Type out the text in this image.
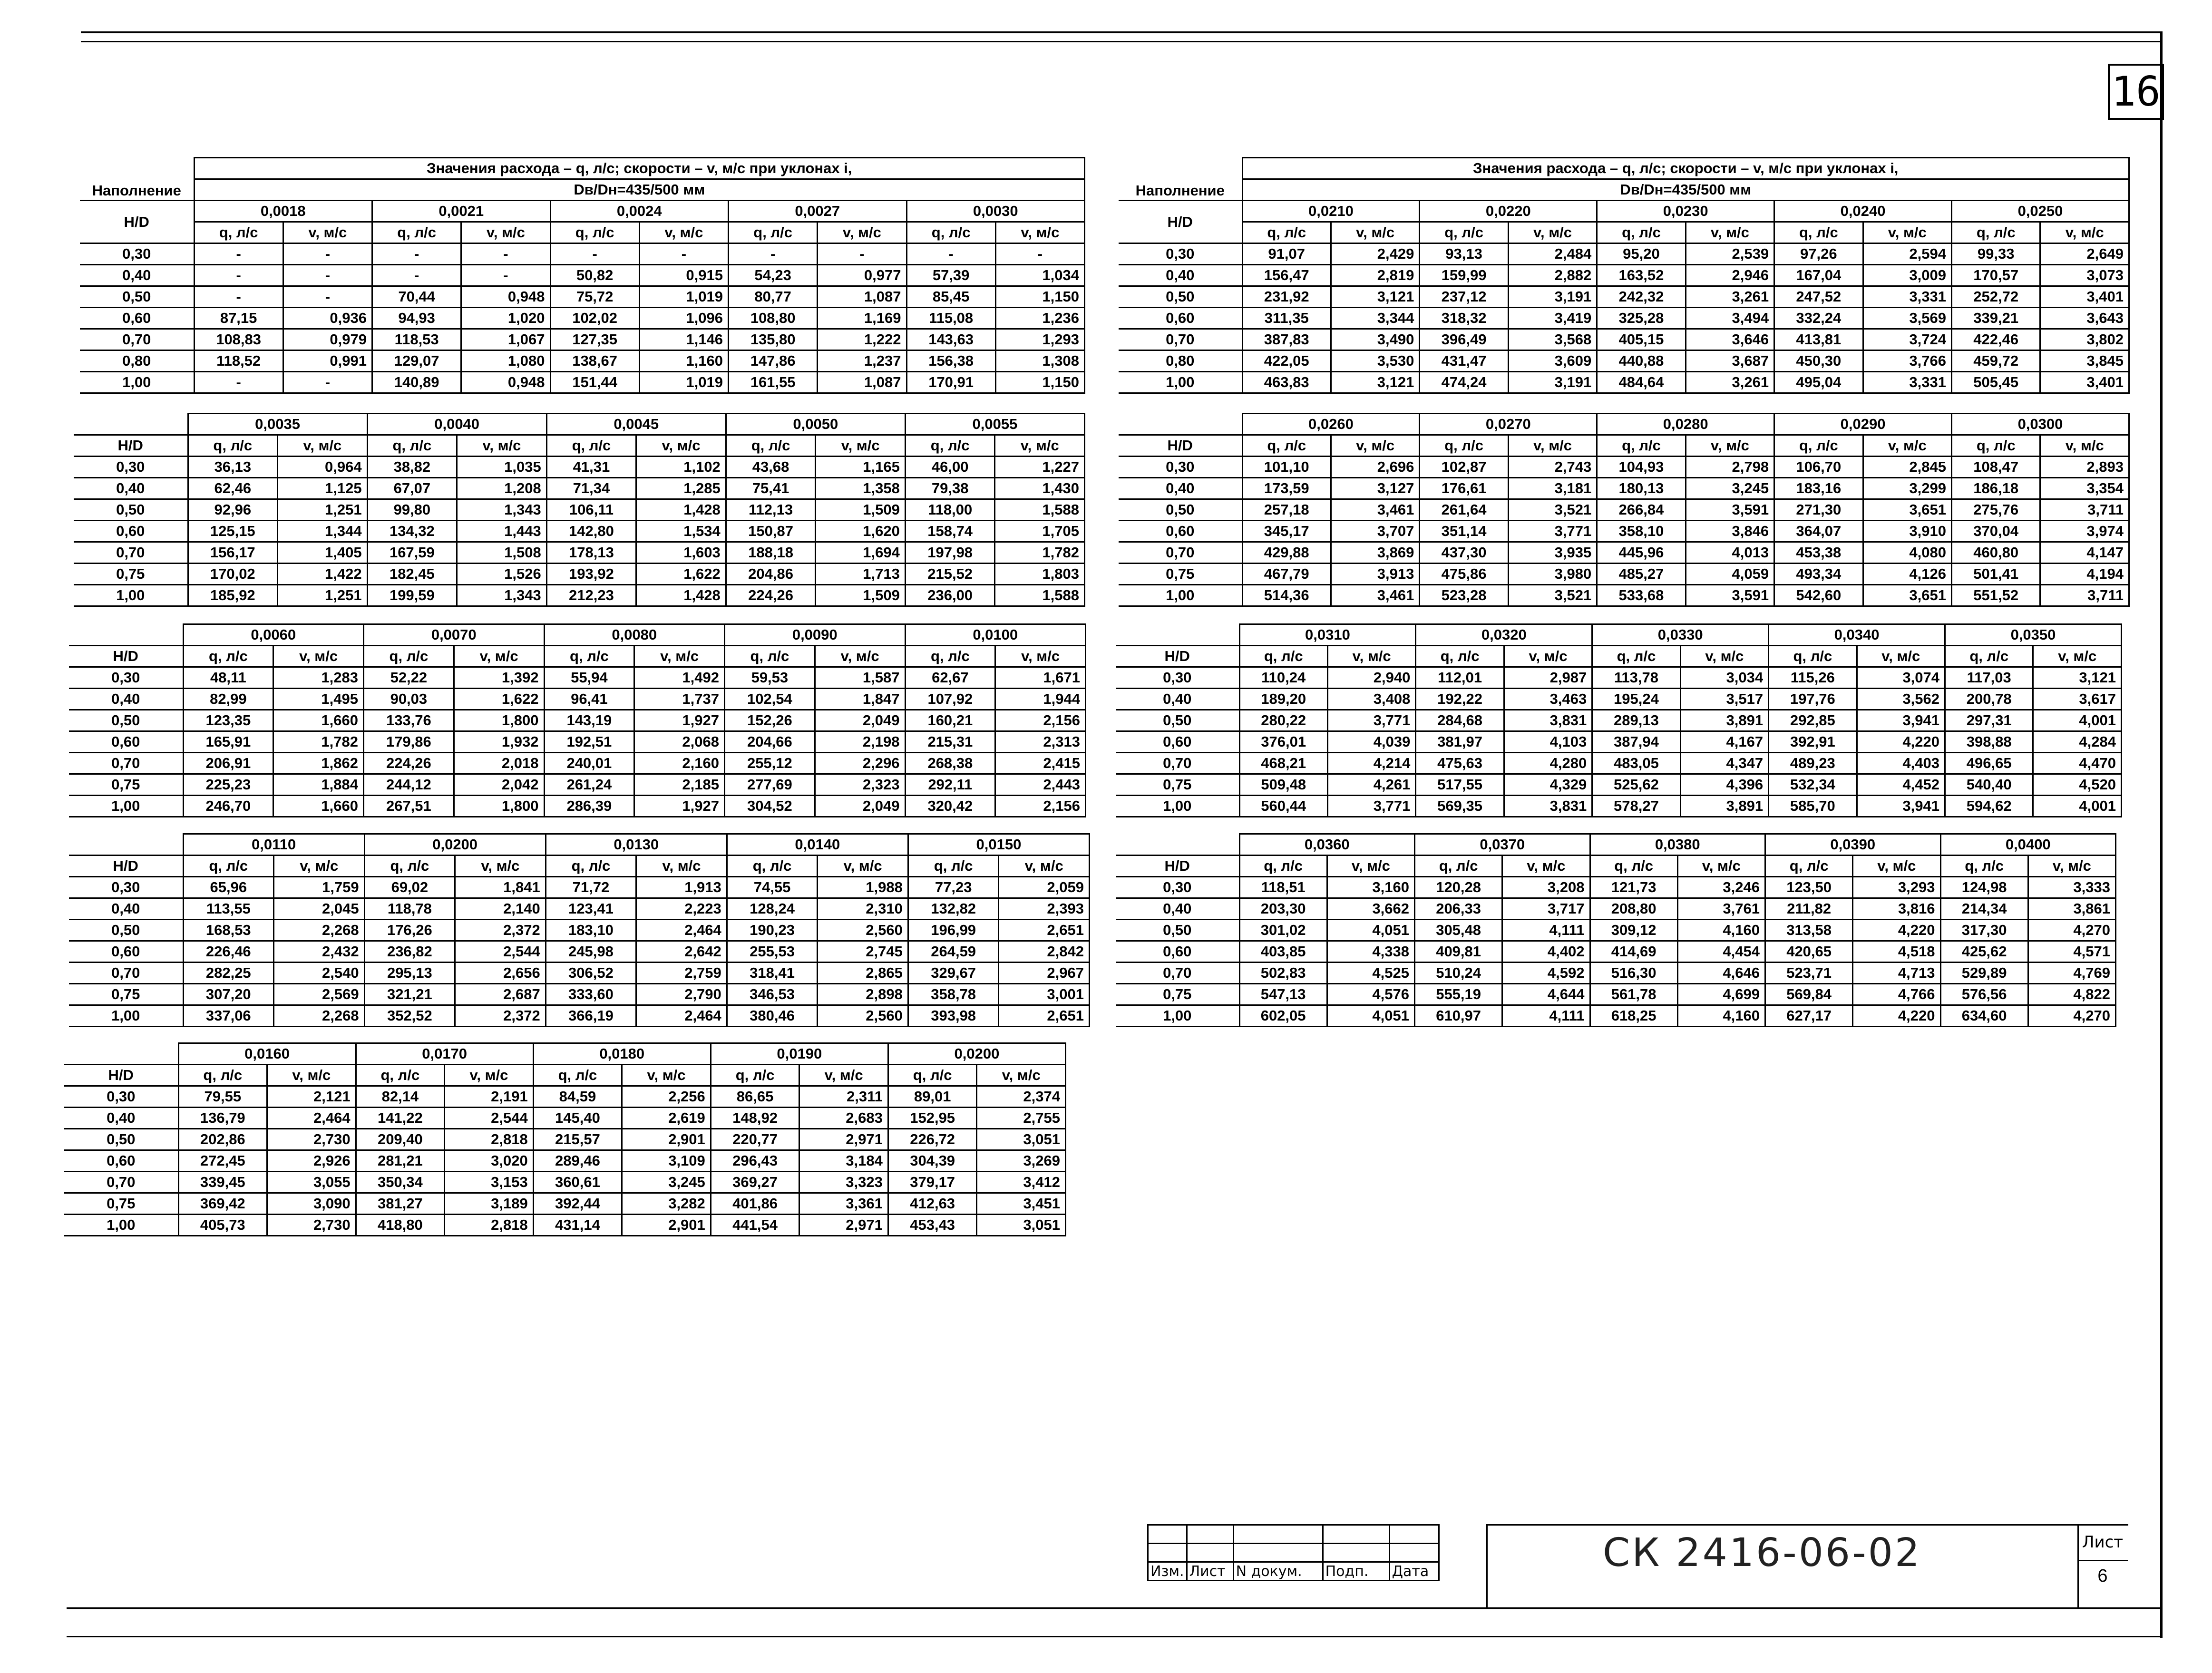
16
Наполнение	Значения расхода – q, л/с; скорости – v, м/с при уклонах i,									
	Dв/Dн=435/500 мм									
H/D	0,0018		0,0021		0,0024		0,0027		0,0030	
	q, л/с	v, м/с	q, л/с	v, м/с	q, л/с	v, м/с	q, л/с	v, м/с	q, л/с	v, м/с
0,30	-	-	-	-	-	-	-	-	-	-
0,40	-	-	-	-	50,82	0,915	54,23	0,977	57,39	1,034
0,50	-	-	70,44	0,948	75,72	1,019	80,77	1,087	85,45	1,150
0,60	87,15	0,936	94,93	1,020	102,02	1,096	108,80	1,169	115,08	1,236
0,70	108,83	0,979	118,53	1,067	127,35	1,146	135,80	1,222	143,63	1,293
0,80	118,52	0,991	129,07	1,080	138,67	1,160	147,86	1,237	156,38	1,308
1,00	-	-	140,89	0,948	151,44	1,019	161,55	1,087	170,91	1,150
	0,0035		0,0040		0,0045		0,0050		0,0055	
H/D	q, л/с	v, м/с	q, л/с	v, м/с	q, л/с	v, м/с	q, л/с	v, м/с	q, л/с	v, м/с
0,30	36,13	0,964	38,82	1,035	41,31	1,102	43,68	1,165	46,00	1,227
0,40	62,46	1,125	67,07	1,208	71,34	1,285	75,41	1,358	79,38	1,430
0,50	92,96	1,251	99,80	1,343	106,11	1,428	112,13	1,509	118,00	1,588
0,60	125,15	1,344	134,32	1,443	142,80	1,534	150,87	1,620	158,74	1,705
0,70	156,17	1,405	167,59	1,508	178,13	1,603	188,18	1,694	197,98	1,782
0,75	170,02	1,422	182,45	1,526	193,92	1,622	204,86	1,713	215,52	1,803
1,00	185,92	1,251	199,59	1,343	212,23	1,428	224,26	1,509	236,00	1,588
	0,0060		0,0070		0,0080		0,0090		0,0100	
H/D	q, л/с	v, м/с	q, л/с	v, м/с	q, л/с	v, м/с	q, л/с	v, м/с	q, л/с	v, м/с
0,30	48,11	1,283	52,22	1,392	55,94	1,492	59,53	1,587	62,67	1,671
0,40	82,99	1,495	90,03	1,622	96,41	1,737	102,54	1,847	107,92	1,944
0,50	123,35	1,660	133,76	1,800	143,19	1,927	152,26	2,049	160,21	2,156
0,60	165,91	1,782	179,86	1,932	192,51	2,068	204,66	2,198	215,31	2,313
0,70	206,91	1,862	224,26	2,018	240,01	2,160	255,12	2,296	268,38	2,415
0,75	225,23	1,884	244,12	2,042	261,24	2,185	277,69	2,323	292,11	2,443
1,00	246,70	1,660	267,51	1,800	286,39	1,927	304,52	2,049	320,42	2,156
	0,0110		0,0200		0,0130		0,0140		0,0150	
H/D	q, л/с	v, м/с	q, л/с	v, м/с	q, л/с	v, м/с	q, л/с	v, м/с	q, л/с	v, м/с
0,30	65,96	1,759	69,02	1,841	71,72	1,913	74,55	1,988	77,23	2,059
0,40	113,55	2,045	118,78	2,140	123,41	2,223	128,24	2,310	132,82	2,393
0,50	168,53	2,268	176,26	2,372	183,10	2,464	190,23	2,560	196,99	2,651
0,60	226,46	2,432	236,82	2,544	245,98	2,642	255,53	2,745	264,59	2,842
0,70	282,25	2,540	295,13	2,656	306,52	2,759	318,41	2,865	329,67	2,967
0,75	307,20	2,569	321,21	2,687	333,60	2,790	346,53	2,898	358,78	3,001
1,00	337,06	2,268	352,52	2,372	366,19	2,464	380,46	2,560	393,98	2,651
	0,0160		0,0170		0,0180		0,0190		0,0200	
H/D	q, л/с	v, м/с	q, л/с	v, м/с	q, л/с	v, м/с	q, л/с	v, м/с	q, л/с	v, м/с
0,30	79,55	2,121	82,14	2,191	84,59	2,256	86,65	2,311	89,01	2,374
0,40	136,79	2,464	141,22	2,544	145,40	2,619	148,92	2,683	152,95	2,755
0,50	202,86	2,730	209,40	2,818	215,57	2,901	220,77	2,971	226,72	3,051
0,60	272,45	2,926	281,21	3,020	289,46	3,109	296,43	3,184	304,39	3,269
0,70	339,45	3,055	350,34	3,153	360,61	3,245	369,27	3,323	379,17	3,412
0,75	369,42	3,090	381,27	3,189	392,44	3,282	401,86	3,361	412,63	3,451
1,00	405,73	2,730	418,80	2,818	431,14	2,901	441,54	2,971	453,43	3,051
Наполнение	Значения расхода – q, л/с; скорости – v, м/с при уклонах i,									
	Dв/Dн=435/500 мм									
H/D	0,0210		0,0220		0,0230		0,0240		0,0250	
	q, л/с	v, м/с	q, л/с	v, м/с	q, л/с	v, м/с	q, л/с	v, м/с	q, л/с	v, м/с
0,30	91,07	2,429	93,13	2,484	95,20	2,539	97,26	2,594	99,33	2,649
0,40	156,47	2,819	159,99	2,882	163,52	2,946	167,04	3,009	170,57	3,073
0,50	231,92	3,121	237,12	3,191	242,32	3,261	247,52	3,331	252,72	3,401
0,60	311,35	3,344	318,32	3,419	325,28	3,494	332,24	3,569	339,21	3,643
0,70	387,83	3,490	396,49	3,568	405,15	3,646	413,81	3,724	422,46	3,802
0,80	422,05	3,530	431,47	3,609	440,88	3,687	450,30	3,766	459,72	3,845
1,00	463,83	3,121	474,24	3,191	484,64	3,261	495,04	3,331	505,45	3,401
	0,0260		0,0270		0,0280		0,0290		0,0300	
H/D	q, л/с	v, м/с	q, л/с	v, м/с	q, л/с	v, м/с	q, л/с	v, м/с	q, л/с	v, м/с
0,30	101,10	2,696	102,87	2,743	104,93	2,798	106,70	2,845	108,47	2,893
0,40	173,59	3,127	176,61	3,181	180,13	3,245	183,16	3,299	186,18	3,354
0,50	257,18	3,461	261,64	3,521	266,84	3,591	271,30	3,651	275,76	3,711
0,60	345,17	3,707	351,14	3,771	358,10	3,846	364,07	3,910	370,04	3,974
0,70	429,88	3,869	437,30	3,935	445,96	4,013	453,38	4,080	460,80	4,147
0,75	467,79	3,913	475,86	3,980	485,27	4,059	493,34	4,126	501,41	4,194
1,00	514,36	3,461	523,28	3,521	533,68	3,591	542,60	3,651	551,52	3,711
	0,0310		0,0320		0,0330		0,0340		0,0350	
H/D	q, л/с	v, м/с	q, л/с	v, м/с	q, л/с	v, м/с	q, л/с	v, м/с	q, л/с	v, м/с
0,30	110,24	2,940	112,01	2,987	113,78	3,034	115,26	3,074	117,03	3,121
0,40	189,20	3,408	192,22	3,463	195,24	3,517	197,76	3,562	200,78	3,617
0,50	280,22	3,771	284,68	3,831	289,13	3,891	292,85	3,941	297,31	4,001
0,60	376,01	4,039	381,97	4,103	387,94	4,167	392,91	4,220	398,88	4,284
0,70	468,21	4,214	475,63	4,280	483,05	4,347	489,23	4,403	496,65	4,470
0,75	509,48	4,261	517,55	4,329	525,62	4,396	532,34	4,452	540,40	4,520
1,00	560,44	3,771	569,35	3,831	578,27	3,891	585,70	3,941	594,62	4,001
	0,0360		0,0370		0,0380		0,0390		0,0400	
H/D	q, л/с	v, м/с	q, л/с	v, м/с	q, л/с	v, м/с	q, л/с	v, м/с	q, л/с	v, м/с
0,30	118,51	3,160	120,28	3,208	121,73	3,246	123,50	3,293	124,98	3,333
0,40	203,30	3,662	206,33	3,717	208,80	3,761	211,82	3,816	214,34	3,861
0,50	301,02	4,051	305,48	4,111	309,12	4,160	313,58	4,220	317,30	4,270
0,60	403,85	4,338	409,81	4,402	414,69	4,454	420,65	4,518	425,62	4,571
0,70	502,83	4,525	510,24	4,592	516,30	4,646	523,71	4,713	529,89	4,769
0,75	547,13	4,576	555,19	4,644	561,78	4,699	569,84	4,766	576,56	4,822
1,00	602,05	4,051	610,97	4,111	618,25	4,160	627,17	4,220	634,60	4,270

Изм.	Лист	N докум.	Подп.	Дата	СК 2416-06-02	Лист
6
